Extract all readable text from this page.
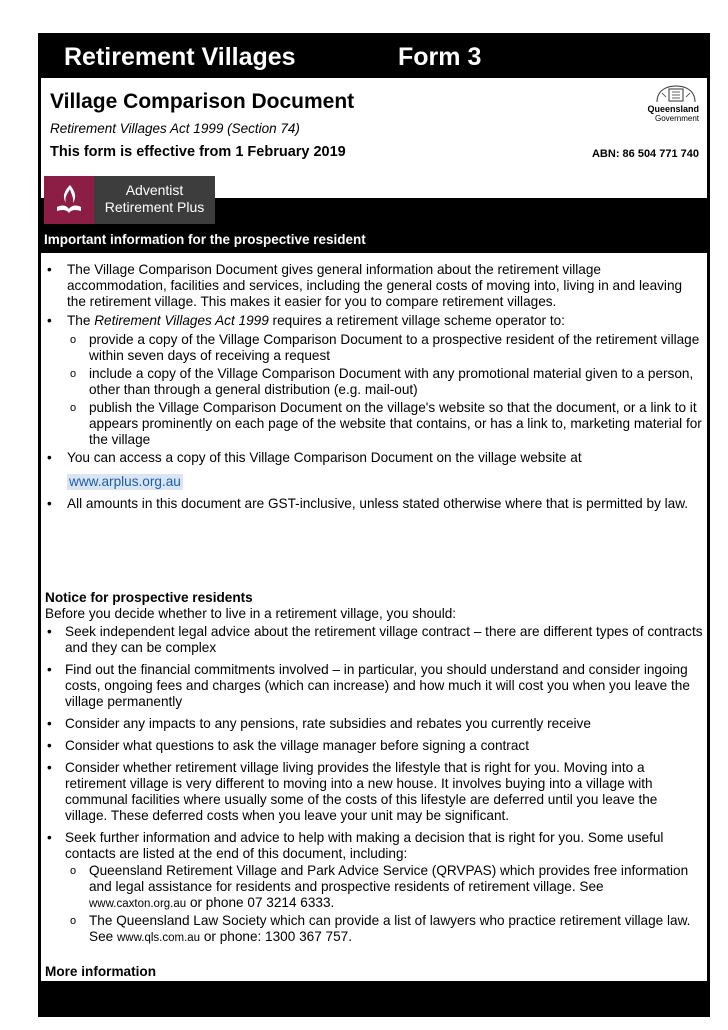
Retirement Villages	Form 3
Village Comparison Document
Retirement Villages Act 1999 (Section 74)
This form is effective from 1 February 2019	ABN: 86 504 771 740
Queensland
Government
Adventist
Retirement Plus
Important information for the prospective resident
• The Village Comparison Document gives general information about the retirement village accommodation, facilities and services, including the general costs of moving into, living in and leaving the retirement village. This makes it easier for you to compare retirement villages.
• The Retirement Villages Act 1999 requires a retirement village scheme operator to:
o provide a copy of the Village Comparison Document to a prospective resident of the retirement village within seven days of receiving a request
o include a copy of the Village Comparison Document with any promotional material given to a person, other than through a general distribution (e.g. mail-out)
o publish the Village Comparison Document on the village's website so that the document, or a link to it appears prominently on each page of the website that contains, or has a link to, marketing material for the village
• You can access a copy of this Village Comparison Document on the village website at
www.arplus.org.au
• All amounts in this document are GST-inclusive, unless stated otherwise where that is permitted by law.
Notice for prospective residents
Before you decide whether to live in a retirement village, you should:
• Seek independent legal advice about the retirement village contract – there are different types of contracts and they can be complex
• Find out the financial commitments involved – in particular, you should understand and consider ingoing costs, ongoing fees and charges (which can increase) and how much it will cost you when you leave the village permanently
• Consider any impacts to any pensions, rate subsidies and rebates you currently receive
• Consider what questions to ask the village manager before signing a contract
• Consider whether retirement village living provides the lifestyle that is right for you. Moving into a retirement village is very different to moving into a new house. It involves buying into a village with communal facilities where usually some of the costs of this lifestyle are deferred until you leave the village. These deferred costs when you leave your unit may be significant.
• Seek further information and advice to help with making a decision that is right for you. Some useful contacts are listed at the end of this document, including:
o Queensland Retirement Village and Park Advice Service (QRVPAS) which provides free information and legal assistance for residents and prospective residents of retirement village. See www.caxton.org.au or phone 07 3214 6333.
o The Queensland Law Society which can provide a list of lawyers who practice retirement village law. See www.qls.com.au or phone: 1300 367 757.
More information
• If you decide to move into a retirement village, the operator will provide you with a Prospective Costs Document for your selected unit, a residence contract and other legal documents.
